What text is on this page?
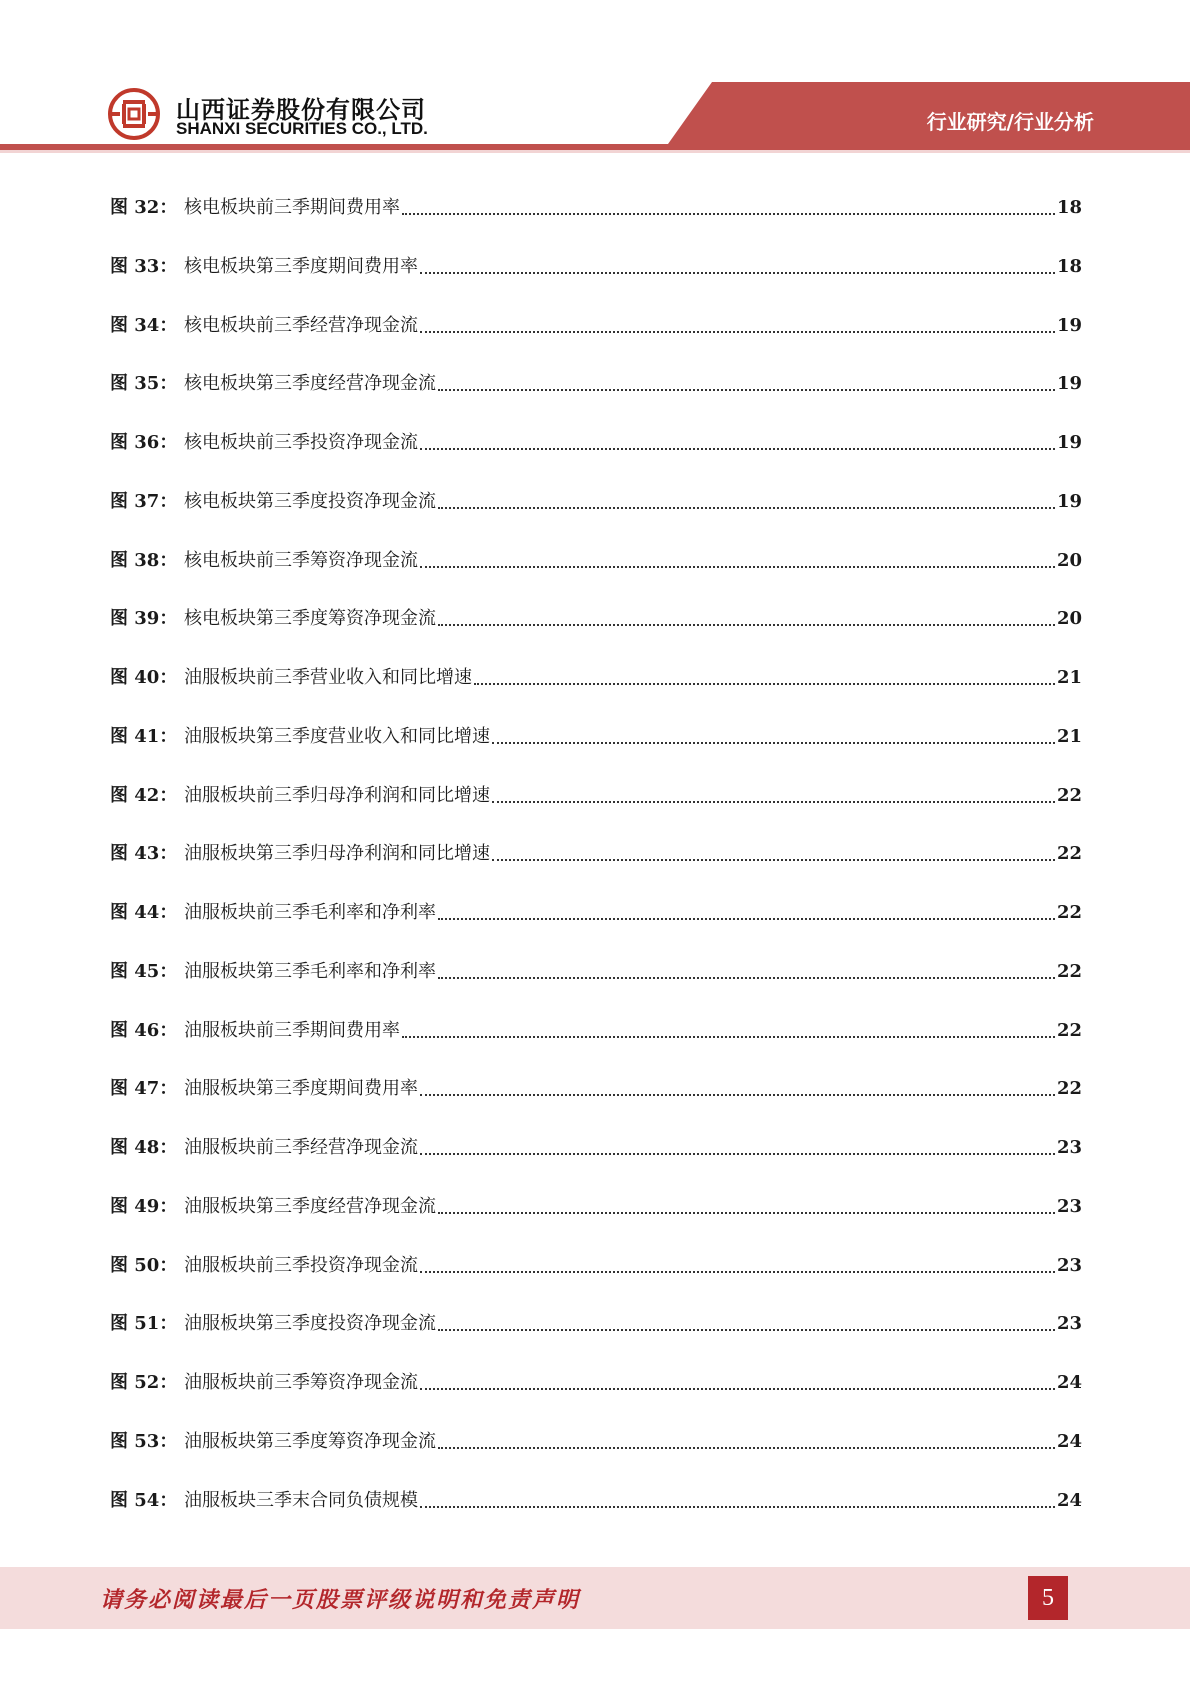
山西证券股份有限公司
SHANXI SECURITIES CO., LTD.	行业研究/行业分析
图 32： 核电板块前三季期间费用率	18
图 33： 核电板块第三季度期间费用率	18
图 34： 核电板块前三季经营净现金流	19
图 35： 核电板块第三季度经营净现金流	19
图 36： 核电板块前三季投资净现金流	19
图 37： 核电板块第三季度投资净现金流	19
图 38： 核电板块前三季筹资净现金流	20
图 39： 核电板块第三季度筹资净现金流	20
图 40： 油服板块前三季营业收入和同比增速	21
图 41： 油服板块第三季度营业收入和同比增速	21
图 42： 油服板块前三季归母净利润和同比增速	22
图 43： 油服板块第三季归母净利润和同比增速	22
图 44： 油服板块前三季毛利率和净利率	22
图 45： 油服板块第三季毛利率和净利率	22
图 46： 油服板块前三季期间费用率	22
图 47： 油服板块第三季度期间费用率	22
图 48： 油服板块前三季经营净现金流	23
图 49： 油服板块第三季度经营净现金流	23
图 50： 油服板块前三季投资净现金流	23
图 51： 油服板块第三季度投资净现金流	23
图 52： 油服板块前三季筹资净现金流	24
图 53： 油服板块第三季度筹资净现金流	24
图 54： 油服板块三季末合同负债规模	24
请务必阅读最后一页股票评级说明和免责声明	5
